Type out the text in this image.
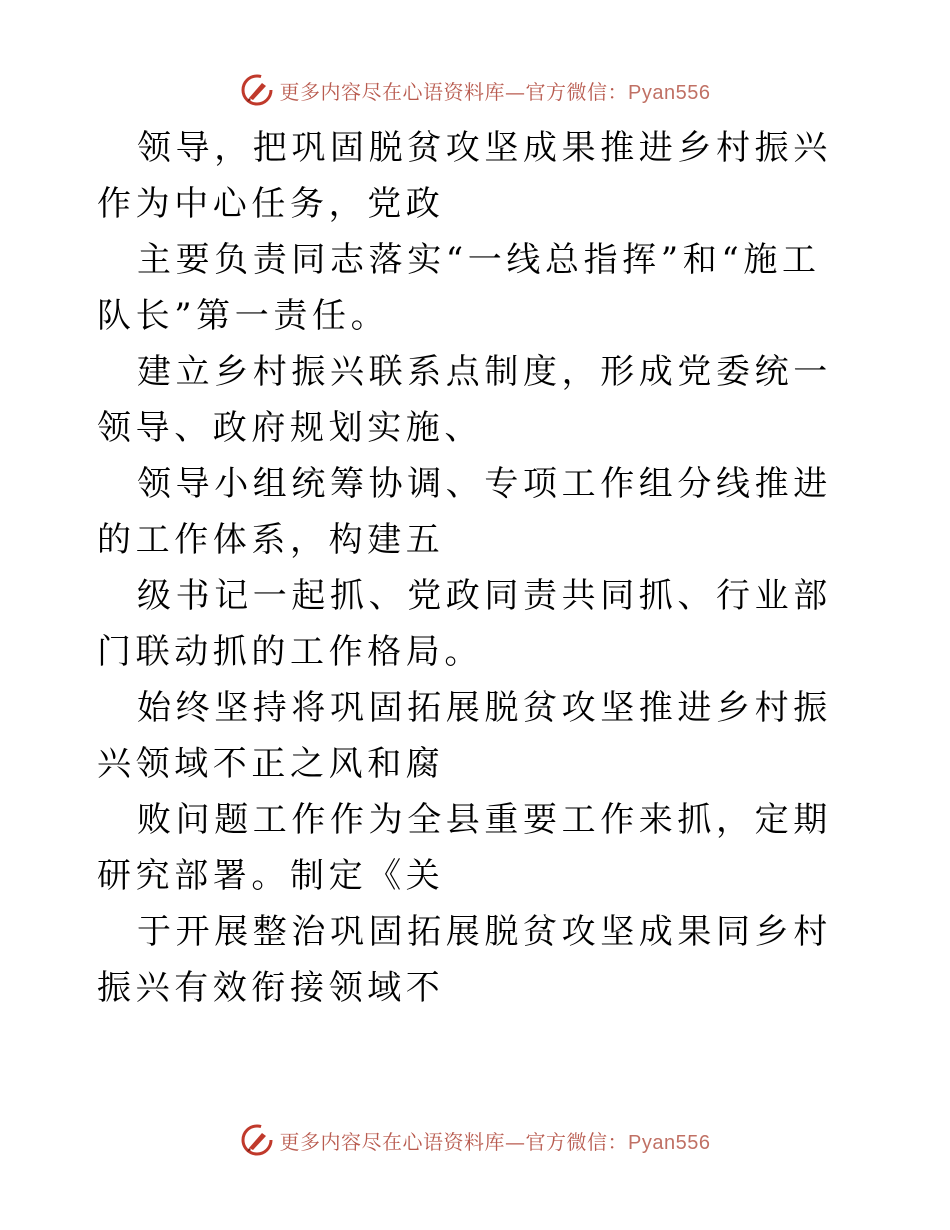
更多内容尽在心语资料库—官方微信：Pyan556

领导，把巩固脱贫攻坚成果推进乡村振兴作为中心任务，党政

主要负责同志落实“一线总指挥”和“施工队长”第一责任。

建立乡村振兴联系点制度，形成党委统一领导、政府规划实施、

领导小组统筹协调、专项工作组分线推进的工作体系，构建五

级书记一起抓、党政同责共同抓、行业部门联动抓的工作格局。

始终坚持将巩固拓展脱贫攻坚推进乡村振兴领域不正之风和腐

败问题工作作为全县重要工作来抓，定期研究部署。制定《关

于开展整治巩固拓展脱贫攻坚成果同乡村振兴有效衔接领域不

更多内容尽在心语资料库—官方微信：Pyan556
